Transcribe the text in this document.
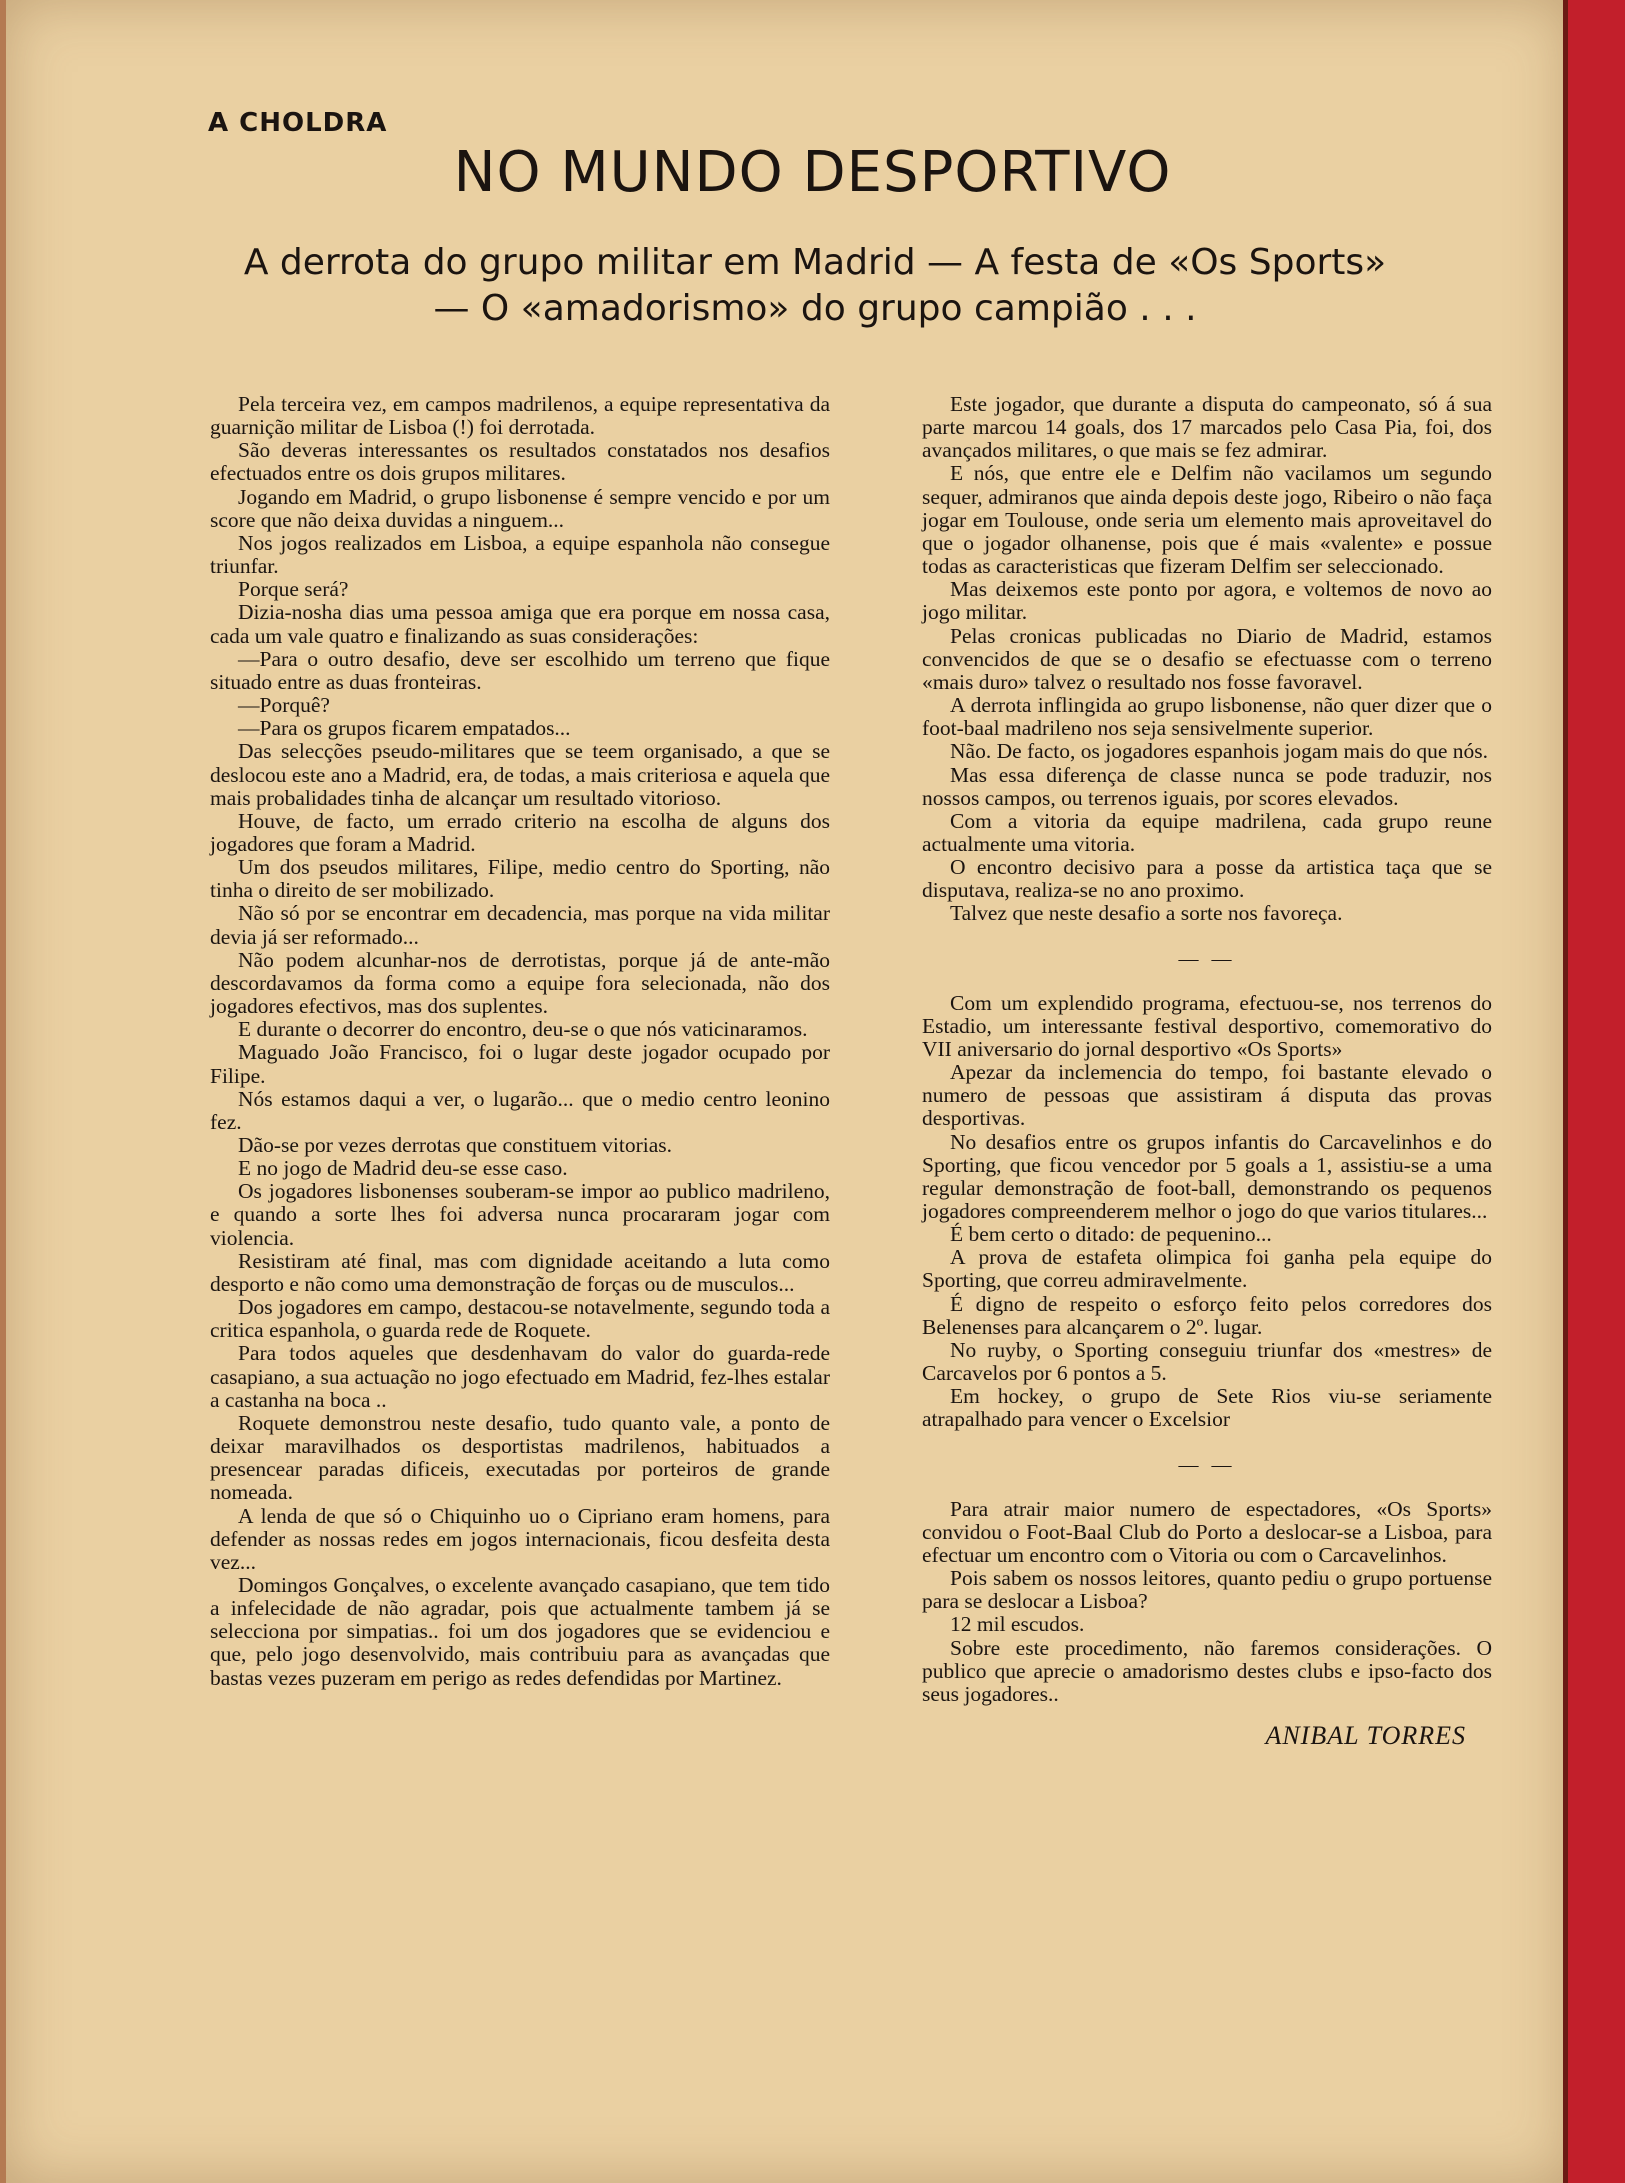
A CHOLDRA
NO MUNDO DESPORTIVO
A derrota do grupo militar em Madrid — A festa de «Os Sports»
— O «amadorismo» do grupo campião . . .

Pela terceira vez, em campos madrilenos, a equipe representativa da guarnição militar de Lisboa (!) foi derrotada.

São deveras interessantes os resultados constatados nos desafios efectuados entre os dois grupos militares.

Jogando em Madrid, o grupo lisbonense é sempre vencido e por um score que não deixa duvidas a ninguem...

Nos jogos realizados em Lisboa, a equipe espanhola não consegue triunfar.

Porque será?

Dizia-nosha dias uma pessoa amiga que era porque em nossa casa, cada um vale quatro e finalizando as suas considerações:

—Para o outro desafio, deve ser escolhido um terreno que fique situado entre as duas fronteiras.

—Porquê?

—Para os grupos ficarem empatados...

Das selecções pseudo-militares que se teem organisado, a que se deslocou este ano a Madrid, era, de todas, a mais criteriosa e aquela que mais probalidades tinha de alcançar um resultado vitorioso.

Houve, de facto, um errado criterio na escolha de alguns dos jogadores que foram a Madrid.

Um dos pseudos militares, Filipe, medio centro do Sporting, não tinha o direito de ser mobilizado.

Não só por se encontrar em decadencia, mas porque na vida militar devia já ser reformado...

Não podem alcunhar-nos de derrotistas, porque já de ante-mão descordavamos da forma como a equipe fora selecionada, não dos jogadores efectivos, mas dos suplentes.

E durante o decorrer do encontro, deu-se o que nós vaticinaramos.

Maguado João Francisco, foi o lugar deste jogador ocupado por Filipe.

Nós estamos daqui a ver, o lugarão... que o medio centro leonino fez.

Dão-se por vezes derrotas que constituem vitorias.

E no jogo de Madrid deu-se esse caso.

Os jogadores lisbonenses souberam-se impor ao publico madrileno, e quando a sorte lhes foi adversa nunca procararam jogar com violencia.

Resistiram até final, mas com dignidade aceitando a luta como desporto e não como uma demonstração de forças ou de musculos...

Dos jogadores em campo, destacou-se notavelmente, segundo toda a critica espanhola, o guarda rede de Roquete.

Para todos aqueles que desdenhavam do valor do guarda-rede casapiano, a sua actuação no jogo efectuado em Madrid, fez-lhes estalar a castanha na boca ..

Roquete demonstrou neste desafio, tudo quanto vale, a ponto de deixar maravilhados os desportistas madrilenos, habituados a presencear paradas dificeis, executadas por porteiros de grande nomeada.

A lenda de que só o Chiquinho uo o Cipriano eram homens, para defender as nossas redes em jogos internacionais, ficou desfeita desta vez...

Domingos Gonçalves, o excelente avançado casapiano, que tem tido a infelecidade de não agradar, pois que actualmente tambem já se selecciona por simpatias.. foi um dos jogadores que se evidenciou e que, pelo jogo desenvolvido, mais contribuiu para as avançadas que bastas vezes puzeram em perigo as redes defendidas por Martinez.

Este jogador, que durante a disputa do campeonato, só á sua parte marcou 14 goals, dos 17 marcados pelo Casa Pia, foi, dos avançados militares, o que mais se fez admirar.

E nós, que entre ele e Delfim não vacilamos um segundo sequer, admiranos que ainda depois deste jogo, Ribeiro o não faça jogar em Toulouse, onde seria um elemento mais aproveitavel do que o jogador olhanense, pois que é mais «valente» e possue todas as caracteristicas que fizeram Delfim ser seleccionado.

Mas deixemos este ponto por agora, e voltemos de novo ao jogo militar.

Pelas cronicas publicadas no Diario de Madrid, estamos convencidos de que se o desafio se efectuasse com o terreno «mais duro» talvez o resultado nos fosse favoravel.

A derrota inflingida ao grupo lisbonense, não quer dizer que o foot-baal madrileno nos seja sensivelmente superior.

Não. De facto, os jogadores espanhois jogam mais do que nós.

Mas essa diferença de classe nunca se pode traduzir, nos nossos campos, ou terrenos iguais, por scores elevados.

Com a vitoria da equipe madrilena, cada grupo reune actualmente uma vitoria.

O encontro decisivo para a posse da artistica taça que se disputava, realiza-se no ano proximo.

Talvez que neste desafio a sorte nos favoreça.

— —

Com um explendido programa, efectuou-se, nos terrenos do Estadio, um interessante festival desportivo, comemorativo do VII aniversario do jornal desportivo «Os Sports»

Apezar da inclemencia do tempo, foi bastante elevado o numero de pessoas que assistiram á disputa das provas desportivas.

No desafios entre os grupos infantis do Carcavelinhos e do Sporting, que ficou vencedor por 5 goals a 1, assistiu-se a uma regular demonstração de foot-ball, demonstrando os pequenos jogadores compreenderem melhor o jogo do que varios titulares...

É bem certo o ditado: de pequenino...

A prova de estafeta olimpica foi ganha pela equipe do Sporting, que correu admiravelmente.

É digno de respeito o esforço feito pelos corredores dos Belenenses para alcançarem o 2º. lugar.

No ruyby, o Sporting conseguiu triunfar dos «mestres» de Carcavelos por 6 pontos a 5.

Em hockey, o grupo de Sete Rios viu-se seriamente atrapalhado para vencer o Excelsior

— —

Para atrair maior numero de espectadores, «Os Sports» convidou o Foot-Baal Club do Porto a deslocar-se a Lisboa, para efectuar um encontro com o Vitoria ou com o Carcavelinhos.

Pois sabem os nossos leitores, quanto pediu o grupo portuense para se deslocar a Lisboa?

12 mil escudos.

Sobre este procedimento, não faremos considerações. O publico que aprecie o amadorismo destes clubs e ipso-facto dos seus jogadores..

ANIBAL TORRES
